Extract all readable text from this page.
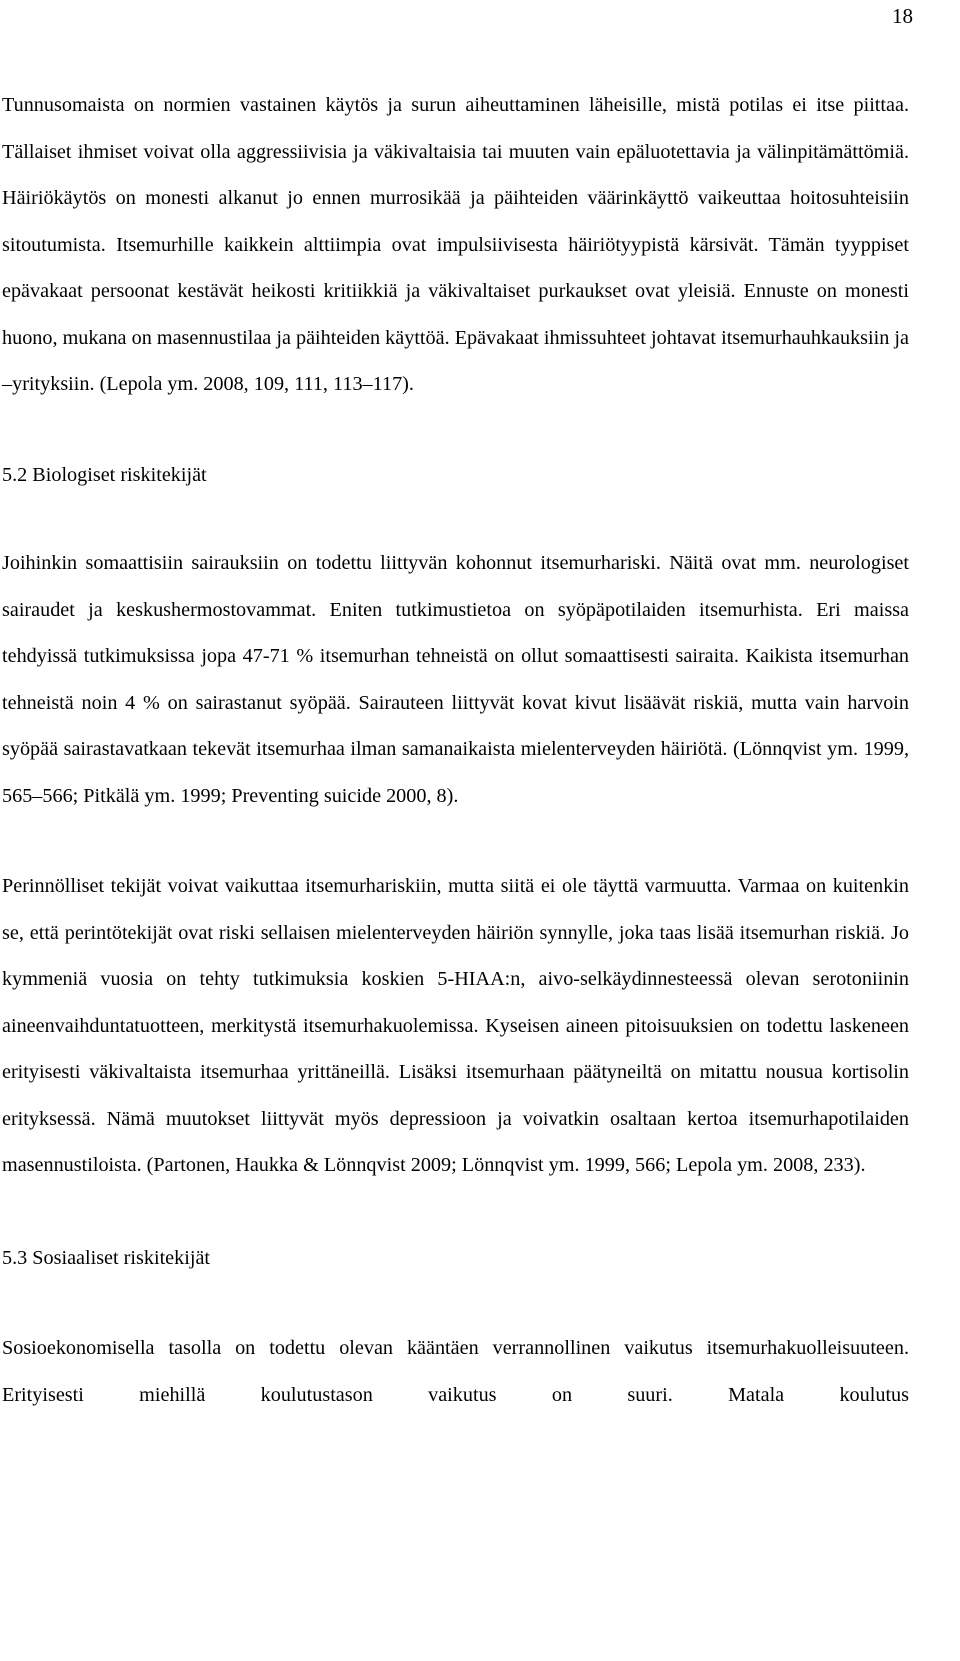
18

Tunnusomaista on normien vastainen käytös ja surun aiheuttaminen läheisille, mistä potilas ei itse piittaa. Tällaiset ihmiset voivat olla aggressiivisia ja väkivaltaisia tai muuten vain epäluotettavia ja välinpitämättömiä. Häiriökäytös on monesti alkanut jo ennen murrosikää ja päihteiden väärinkäyttö vaikeuttaa hoitosuhteisiin sitoutumista. Itsemurhille kaikkein alttiimpia ovat impulsiivisesta häiriötyypistä kärsivät. Tämän tyyppiset epävakaat persoonat kestävät heikosti kritiikkiä ja väkivaltaiset purkaukset ovat yleisiä. Ennuste on monesti huono, mukana on masennustilaa ja päihteiden käyttöä. Epävakaat ihmissuhteet johtavat itsemurhauhkauksiin ja –yrityksiin. (Lepola ym. 2008, 109, 111, 113–117).

5.2 Biologiset riskitekijät

Joihinkin somaattisiin sairauksiin on todettu liittyvän kohonnut itsemurhariski. Näitä ovat mm. neurologiset sairaudet ja keskushermostovammat. Eniten tutkimustietoa on syöpäpotilaiden itsemurhista. Eri maissa tehdyissä tutkimuksissa jopa 47-71 % itsemurhan tehneistä on ollut somaattisesti sairaita. Kaikista itsemurhan tehneistä noin 4 % on sairastanut syöpää. Sairauteen liittyvät kovat kivut lisäävät riskiä, mutta vain harvoin syöpää sairastavatkaan tekevät itsemurhaa ilman samanaikaista mielenterveyden häiriötä. (Lönnqvist ym. 1999, 565–566; Pitkälä ym. 1999; Preventing suicide 2000, 8).

Perinnölliset tekijät voivat vaikuttaa itsemurhariskiin, mutta siitä ei ole täyttä varmuutta. Varmaa on kuitenkin se, että perintötekijät ovat riski sellaisen mielenterveyden häiriön synnylle, joka taas lisää itsemurhan riskiä. Jo kymmeniä vuosia on tehty tutkimuksia koskien 5-HIAA:n, aivo-selkäydinnesteessä olevan serotoniinin aineenvaihduntatuotteen, merkitystä itsemurhakuolemissa. Kyseisen aineen pitoisuuksien on todettu laskeneen erityisesti väkivaltaista itsemurhaa yrittäneillä. Lisäksi itsemurhaan päätyneiltä on mitattu nousua kortisolin erityksessä. Nämä muutokset liittyvät myös depressioon ja voivatkin osaltaan kertoa itsemurhapotilaiden masennustiloista. (Partonen, Haukka & Lönnqvist 2009; Lönnqvist ym. 1999, 566; Lepola ym. 2008, 233).

5.3 Sosiaaliset riskitekijät

Sosioekonomisella tasolla on todettu olevan kääntäen verrannollinen vaikutus itsemurhakuolleisuuteen. Erityisesti miehillä koulutustason vaikutus on suuri. Matala koulutus
